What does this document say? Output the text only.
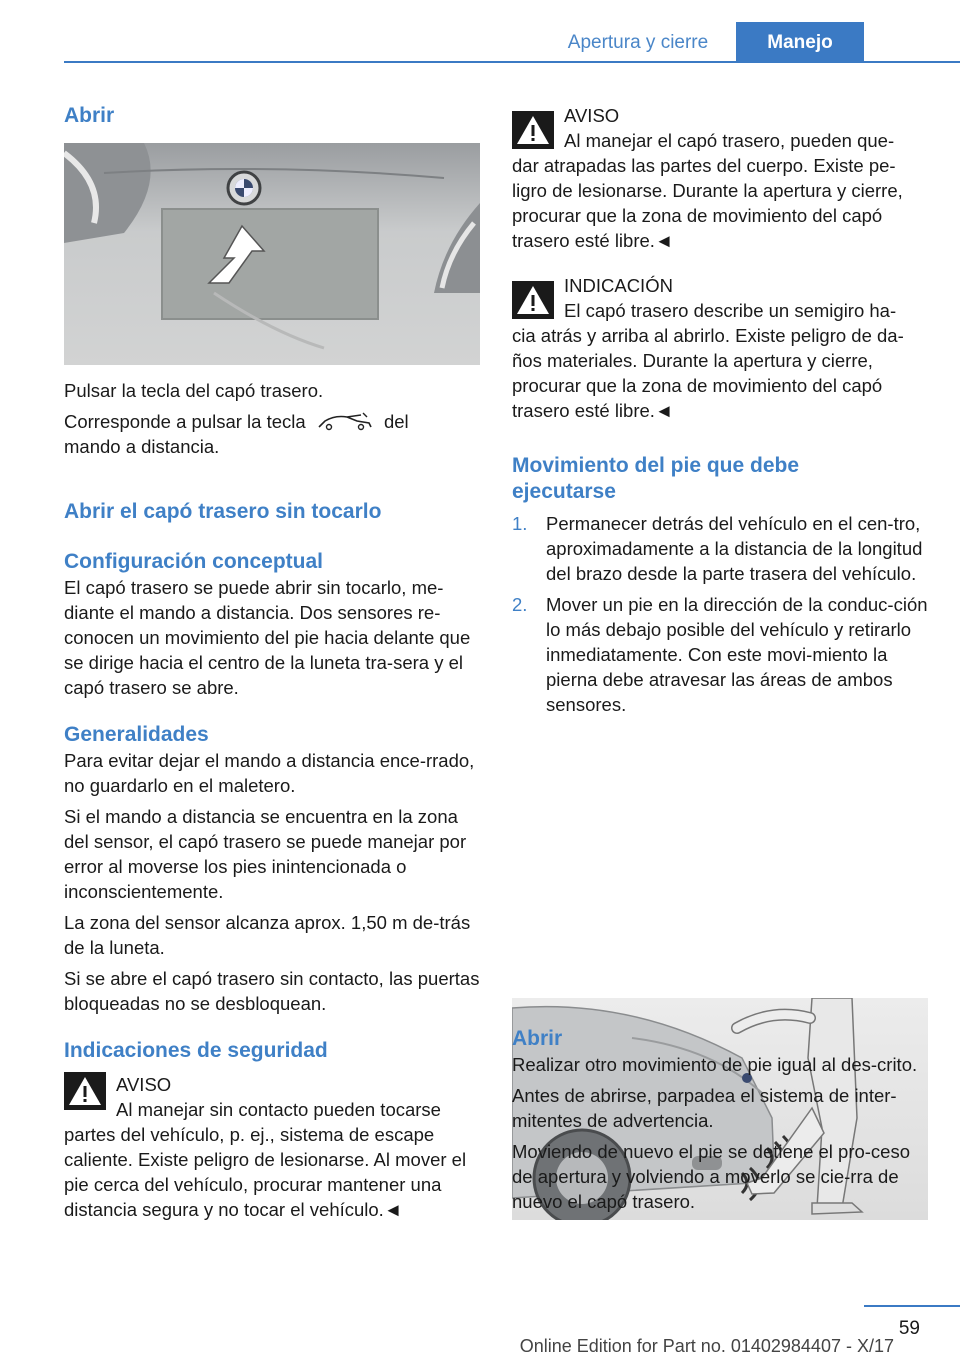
Apertura y cierre	Manejo
Abrir

Pulsar la tecla del capó trasero.

Corresponde a pulsar la tecla	del
mando a distancia.

Abrir el capó trasero sin tocarlo
Configuración conceptual

El capó trasero se puede abrir sin tocarlo, me-diante el mando a distancia. Dos sensores re-conocen un movimiento del pie hacia delante que se dirige hacia el centro de la luneta tra-sera y el capó trasero se abre.

Generalidades

Para evitar dejar el mando a distancia ence-rrado, no guardarlo en el maletero.

Si el mando a distancia se encuentra en la zona del sensor, el capó trasero se puede manejar por error al moverse los pies inintencionada o inconscientemente.

La zona del sensor alcanza aprox. 1,50 m de-trás de la luneta.

Si se abre el capó trasero sin contacto, las puertas bloqueadas no se desbloquean.

Indicaciones de seguridad
AVISO
Al manejar sin contacto pueden tocarse

partes del vehículo, p. ej., sistema de escape caliente. Existe peligro de lesionarse. Al mover el pie cerca del vehículo, procurar mantener una distancia segura y no tocar el vehículo.◄

AVISO
Al manejar el capó trasero, pueden que-

dar atrapadas las partes del cuerpo. Existe pe-ligro de lesionarse. Durante la apertura y cierre, procurar que la zona de movimiento del capó trasero esté libre.◄

INDICACIÓN
El capó trasero describe un semigiro ha-

cia atrás y arriba al abrirlo. Existe peligro de da-ños materiales. Durante la apertura y cierre, procurar que la zona de movimiento del capó trasero esté libre.◄

Movimiento del pie que debe ejecutarse
1. Permanecer detrás del vehículo en el cen-tro, aproximadamente a la distancia de la longitud del brazo desde la parte trasera del vehículo.
2. Mover un pie en la dirección de la conduc-ción lo más debajo posible del vehículo y retirarlo inmediatamente. Con este movi-miento la pierna debe atravesar las áreas de ambos sensores.
Abrir

Realizar otro movimiento de pie igual al des-crito.

Antes de abrirse, parpadea el sistema de inter-mitentes de advertencia.

Moviendo de nuevo el pie se detiene el pro-ceso de apertura y volviendo a moverlo se cie-rra de nuevo el capó trasero.

59
Online Edition for Part no. 01402984407 - X/17
